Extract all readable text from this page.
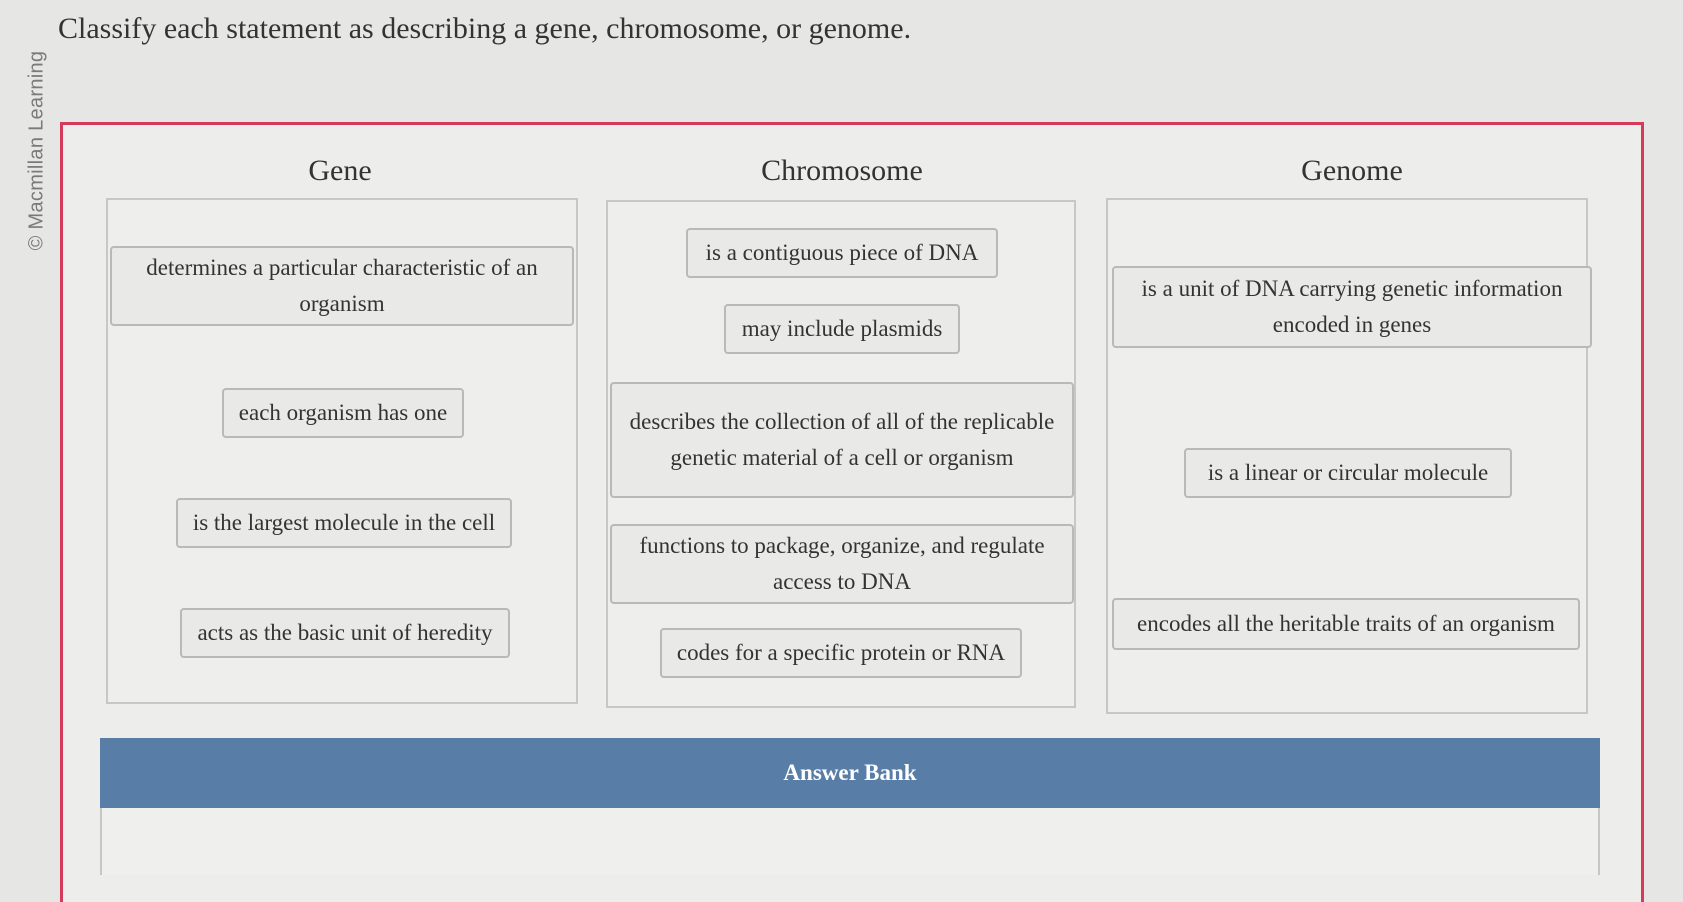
© Macmillan Learning
Classify each statement as describing a gene, chromosome, or genome.
Gene
determines a particular characteristic of an organism
each organism has one
is the largest molecule in the cell
acts as the basic unit of heredity
Chromosome
is a contiguous piece of DNA
may include plasmids
describes the collection of all of the replicable genetic material of a cell or organism
functions to package, organize, and regulate access to DNA
codes for a specific protein or RNA
Genome
is a unit of DNA carrying genetic information encoded in genes
is a linear or circular molecule
encodes all the heritable traits of an organism
Answer Bank
